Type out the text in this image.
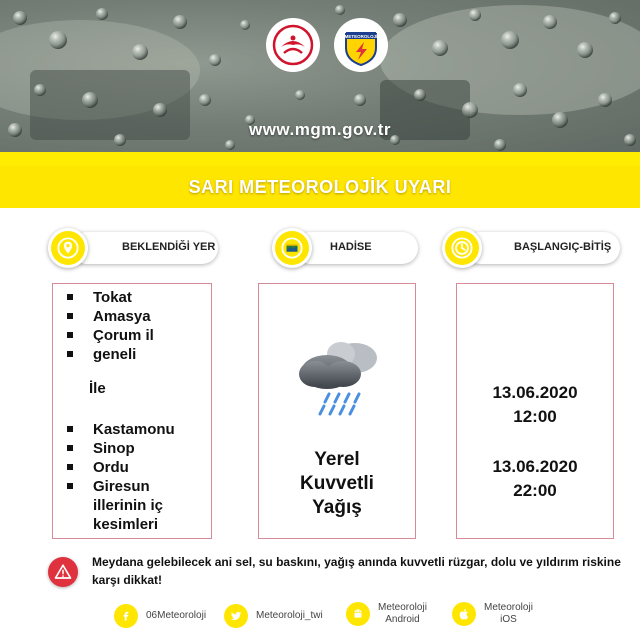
METEOROLOJİ
www.mgm.gov.tr
SARI METEOROLOJİK UYARI
BEKLENDİĞİ YER	HADİSE	BAŞLANGIÇ-BİTİŞ
Tokat
Amasya
Çorum il
geneli
İle
Kastamonu
Sinop
Ordu
Giresun illerinin iç kesimleri
Yerel
Kuvvetli
Yağış
13.06.2020
12:00
13.06.2020
22:00
Meydana gelebilecek ani sel, su baskını, yağış anında kuvvetli rüzgar, dolu ve yıldırım riskine karşı dikkat!
06Meteoroloji	Meteoroloji_twi
Meteoroloji
Android
Meteoroloji
iOS
